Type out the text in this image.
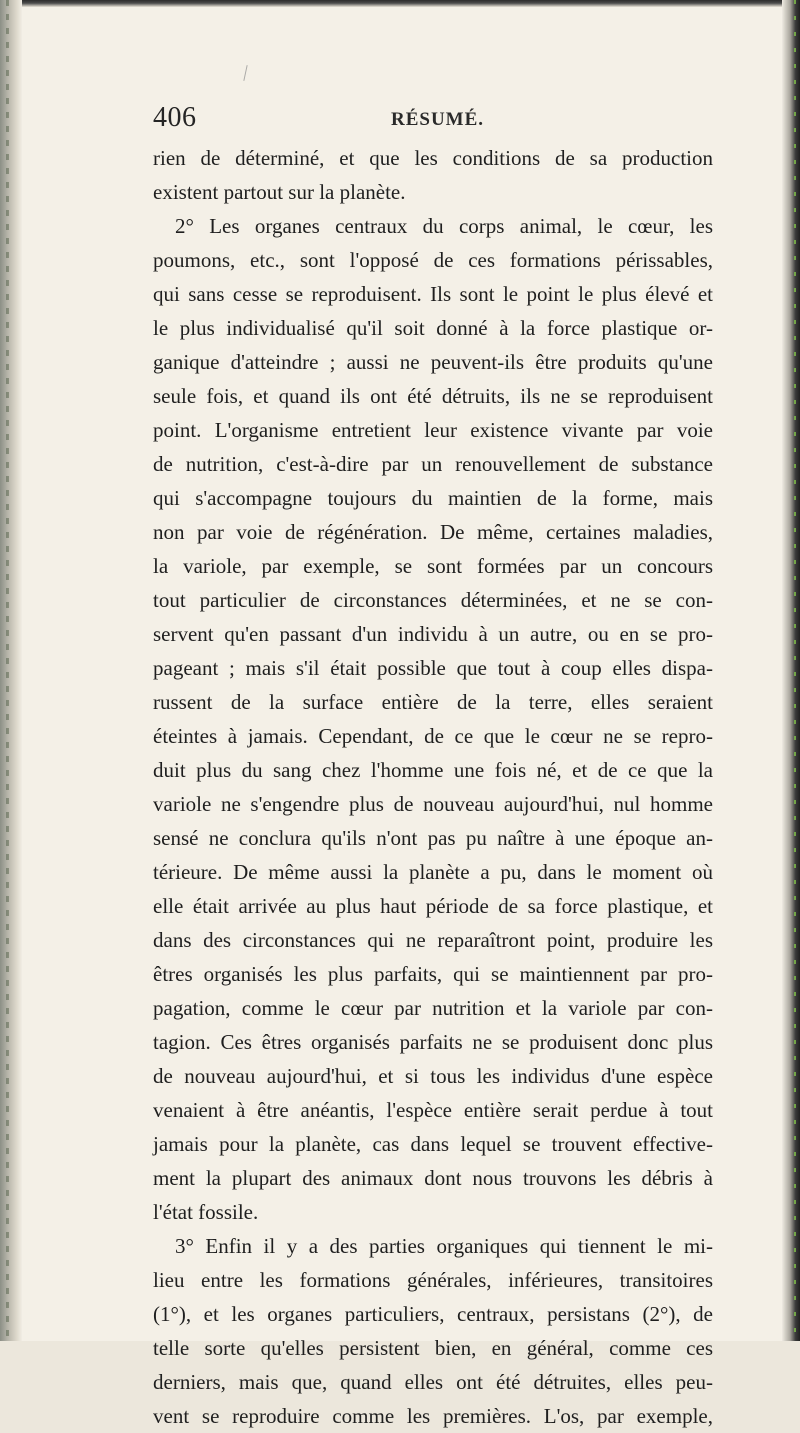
406	RÉSUMÉ.
rien de déterminé, et que les conditions de sa production
existent partout sur la planète.
2° Les organes centraux du corps animal, le cœur, les
poumons, etc., sont l'opposé de ces formations périssables,
qui sans cesse se reproduisent. Ils sont le point le plus élevé et
le plus individualisé qu'il soit donné à la force plastique or-
ganique d'atteindre ; aussi ne peuvent-ils être produits qu'une
seule fois, et quand ils ont été détruits, ils ne se reproduisent
point. L'organisme entretient leur existence vivante par voie
de nutrition, c'est-à-dire par un renouvellement de substance
qui s'accompagne toujours du maintien de la forme, mais
non par voie de régénération. De même, certaines maladies,
la variole, par exemple, se sont formées par un concours
tout particulier de circonstances déterminées, et ne se con-
servent qu'en passant d'un individu à un autre, ou en se pro-
pageant ; mais s'il était possible que tout à coup elles dispa-
russent de la surface entière de la terre, elles seraient
éteintes à jamais. Cependant, de ce que le cœur ne se repro-
duit plus du sang chez l'homme une fois né, et de ce que la
variole ne s'engendre plus de nouveau aujourd'hui, nul homme
sensé ne conclura qu'ils n'ont pas pu naître à une époque an-
térieure. De même aussi la planète a pu, dans le moment où
elle était arrivée au plus haut période de sa force plastique, et
dans des circonstances qui ne reparaîtront point, produire les
êtres organisés les plus parfaits, qui se maintiennent par pro-
pagation, comme le cœur par nutrition et la variole par con-
tagion. Ces êtres organisés parfaits ne se produisent donc plus
de nouveau aujourd'hui, et si tous les individus d'une espèce
venaient à être anéantis, l'espèce entière serait perdue à tout
jamais pour la planète, cas dans lequel se trouvent effective-
ment la plupart des animaux dont nous trouvons les débris à
l'état fossile.
3° Enfin il y a des parties organiques qui tiennent le mi-
lieu entre les formations générales, inférieures, transitoires
(1°), et les organes particuliers, centraux, persistans (2°), de
telle sorte qu'elles persistent bien, en général, comme ces
derniers, mais que, quand elles ont été détruites, elles peu-
vent se reproduire comme les premières. L'os, par exemple,
